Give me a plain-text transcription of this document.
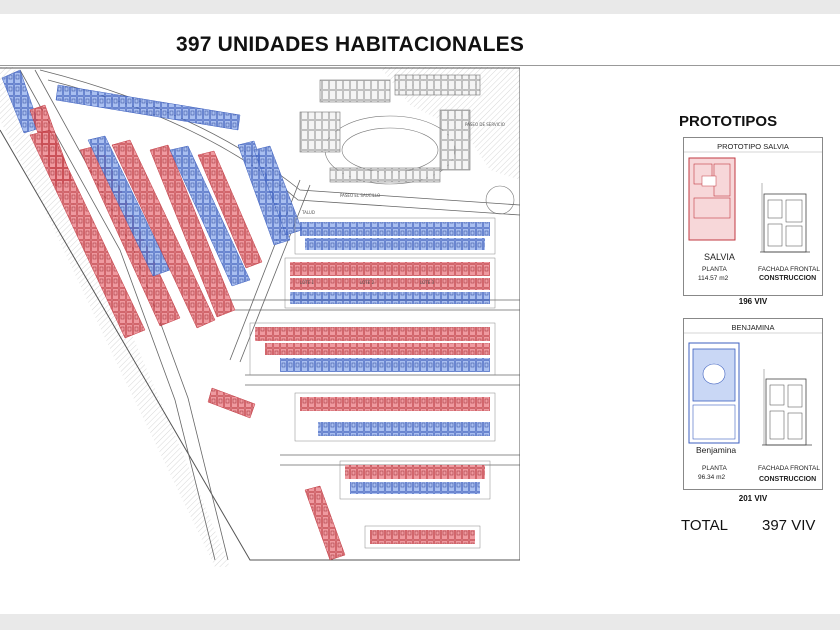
397 UNIDADES HABITACIONALES
PASEO EL SAUCILLO
TALUD
PASEO DE SERVICIO
LOTE 1	LOTE 2	LOTE 3
PROTOTIPOS
PROTOTIPO SALVIA
SALVIA
PLANTA
114.57 m2
FACHADA FRONTAL
CONSTRUCCION
196 VIV
BENJAMINA
Benjamina
PLANTA
96.34 m2
FACHADA FRONTAL
CONSTRUCCION
201 VIV
TOTAL 397 VIV
